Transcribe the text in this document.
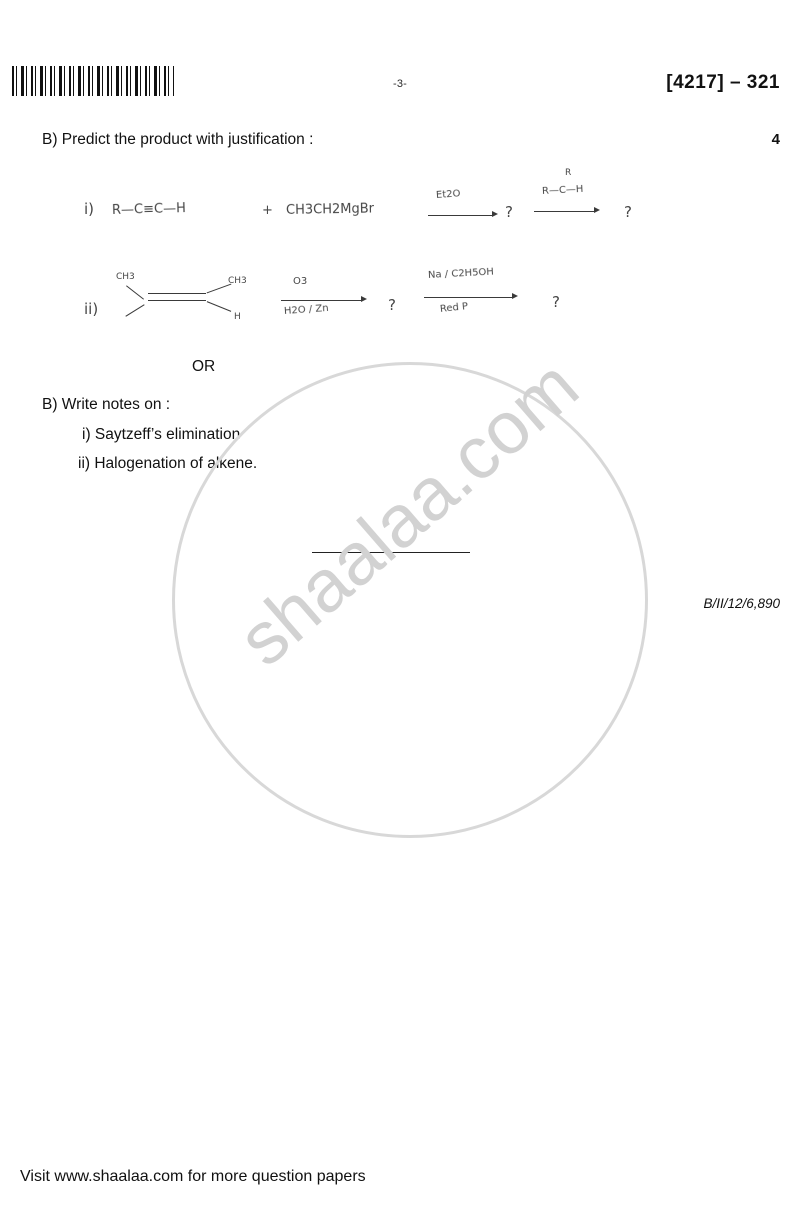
-3-	[4217] – 321
B) Predict the product with justification :	4
i) R—C≡C—H	+ CH3CH2MgBr
Et2O
?
R
R—C—H
?
ii)
CH3	CH3
H
O3
H2O / Zn	?
Na / C2H5OH
Red P	?
OR
B) Write notes on :
i) Saytzeff’s elimination
ii) Halogenation of alkene.
B/II/12/6,890
shaalaa.com
Visit www.shaalaa.com for more question papers
